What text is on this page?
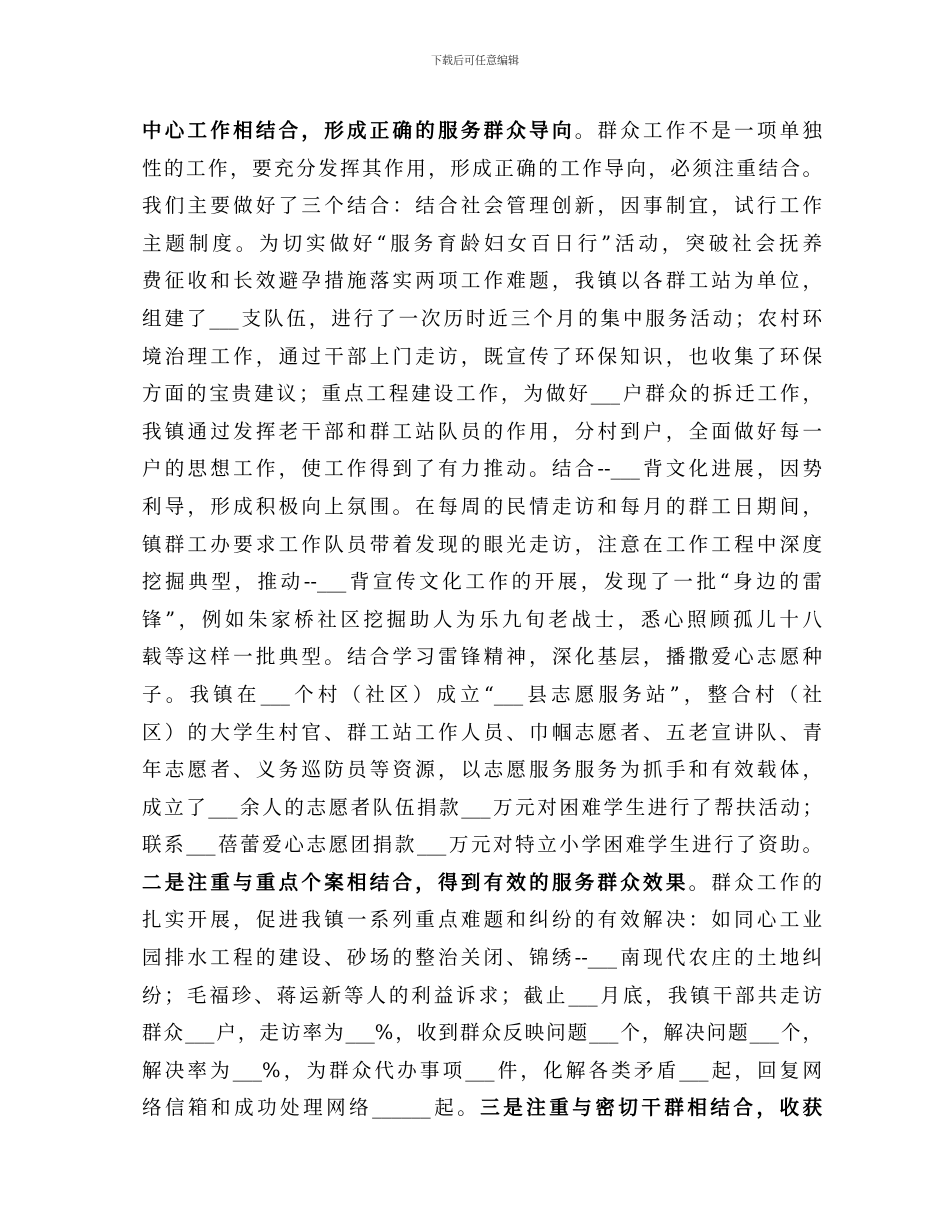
下载后可任意编辑
中心工作相结合，形成正确的服务群众导向。群众工作不是一项单独
性的工作，要充分发挥其作用，形成正确的工作导向，必须注重结合。
我们主要做好了三个结合：结合社会管理创新，因事制宜，试行工作
主题制度。为切实做好“服务育龄妇女百日行”活动，突破社会抚养
费征收和长效避孕措施落实两项工作难题，我镇以各群工站为单位，
组建了___支队伍，进行了一次历时近三个月的集中服务活动；农村环
境治理工作，通过干部上门走访，既宣传了环保知识，也收集了环保
方面的宝贵建议；重点工程建设工作，为做好___户群众的拆迁工作，
我镇通过发挥老干部和群工站队员的作用，分村到户，全面做好每一
户的思想工作，使工作得到了有力推动。结合--___背文化进展，因势
利导，形成积极向上氛围。在每周的民情走访和每月的群工日期间，
镇群工办要求工作队员带着发现的眼光走访，注意在工作工程中深度
挖掘典型，推动--___背宣传文化工作的开展，发现了一批“身边的雷
锋”，例如朱家桥社区挖掘助人为乐九旬老战士，悉心照顾孤儿十八
载等这样一批典型。结合学习雷锋精神，深化基层，播撒爱心志愿种
子。我镇在___个村（社区）成立“___县志愿服务站”，整合村（社
区）的大学生村官、群工站工作人员、巾帼志愿者、五老宣讲队、青
年志愿者、义务巡防员等资源，以志愿服务服务为抓手和有效载体，
成立了___余人的志愿者队伍捐款___万元对困难学生进行了帮扶活动；
联系___蓓蕾爱心志愿团捐款___万元对特立小学困难学生进行了资助。
二是注重与重点个案相结合，得到有效的服务群众效果。群众工作的
扎实开展，促进我镇一系列重点难题和纠纷的有效解决：如同心工业
园排水工程的建设、砂场的整治关闭、锦绣--___南现代农庄的土地纠
纷；毛福珍、蒋运新等人的利益诉求；截止___月底，我镇干部共走访
群众___户，走访率为___%，收到群众反映问题___个，解决问题___个，
解决率为___%，为群众代办事项___件，化解各类矛盾___起，回复网
络信箱和成功处理网络______起。三是注重与密切干群相结合，收获
